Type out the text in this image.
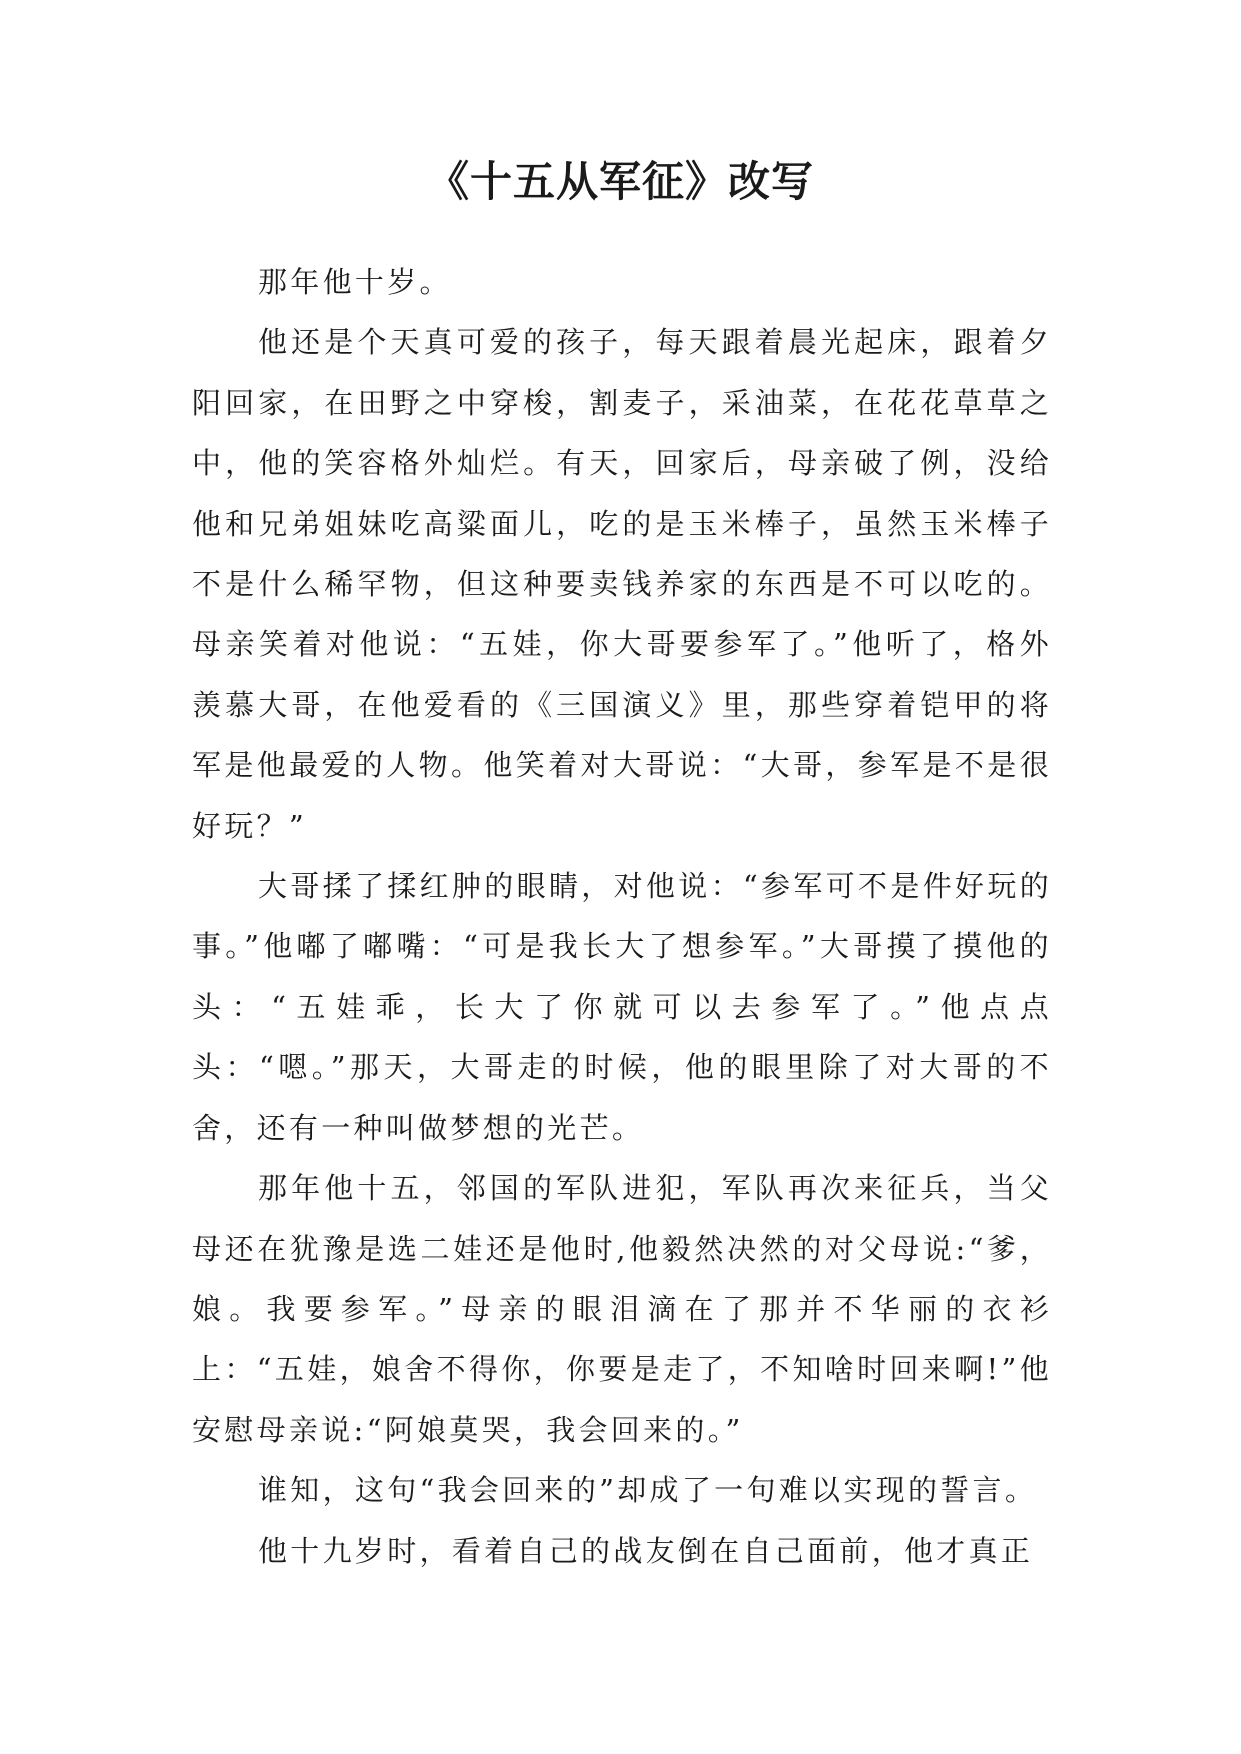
《十五从军征》改写

那年他十岁。

他还是个天真可爱的孩子，每天跟着晨光起床，跟着夕阳回家，在田野之中穿梭，割麦子，采油菜，在花花草草之中，他的笑容格外灿烂。有天，回家后，母亲破了例，没给他和兄弟姐妹吃高粱面儿，吃的是玉米棒子，虽然玉米棒子不是什么稀罕物，但这种要卖钱养家的东西是不可以吃的。母亲笑着对他说：“五娃，你大哥要参军了。”他听了，格外羡慕大哥，在他爱看的《三国演义》里，那些穿着铠甲的将军是他最爱的人物。他笑着对大哥说：“大哥，参军是不是很好玩？”

大哥揉了揉红肿的眼睛，对他说：“参军可不是件好玩的事。”他嘟了嘟嘴：“可是我长大了想参军。”大哥摸了摸他的头：“五娃乖，长大了你就可以去参军了。”他点点头：“嗯。”那天，大哥走的时候，他的眼里除了对大哥的不舍，还有一种叫做梦想的光芒。

那年他十五，邻国的军队进犯，军队再次来征兵，当父母还在犹豫是选二娃还是他时,他毅然决然的对父母说:“爹，娘。我要参军。”母亲的眼泪滴在了那并不华丽的衣衫上：“五娃，娘舍不得你，你要是走了，不知啥时回来啊!”他安慰母亲说:“阿娘莫哭，我会回来的。”

谁知，这句“我会回来的”却成了一句难以实现的誓言。

他十九岁时，看着自己的战友倒在自己面前，他才真正
